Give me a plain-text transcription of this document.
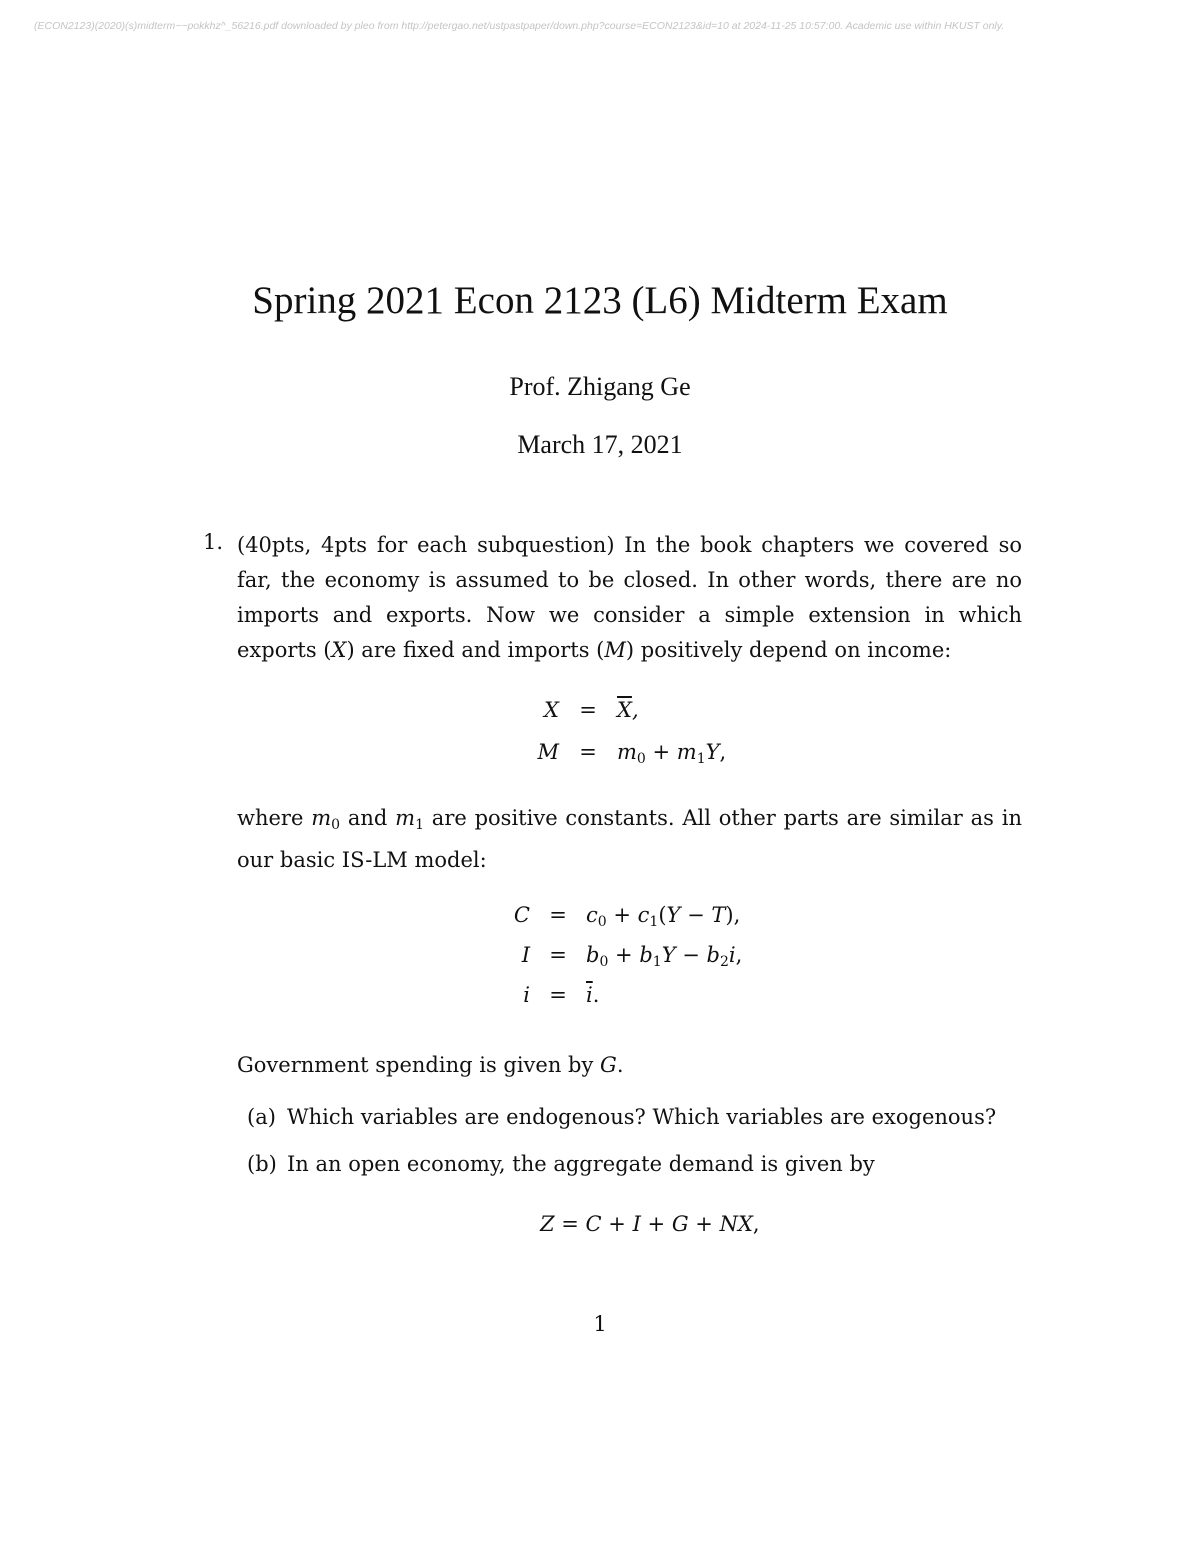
(ECON2123)(2020)(s)midterm~~pokkhz^_56216.pdf downloaded by pleo from http://petergao.net/ustpastpaper/down.php?course=ECON2123&id=10 at 2024-11-25 10:57:00. Academic use within HKUST only.
Spring 2021 Econ 2123 (L6) Midterm Exam
Prof. Zhigang Ge
March 17, 2021
1. (40pts, 4pts for each subquestion) In the book chapters we covered so far, the economy is assumed to be closed. In other words, there are no imports and exports. Now we consider a simple extension in which exports (X) are fixed and imports (M) positively depend on income:
$X = \overline{X}$,
$M = m_0 + m_1Y$,
where $m_0$ and $m_1$ are positive constants. All other parts are similar as in our basic IS-LM model:
$C = c_0 + c_1(Y - T)$,
$I = b_0 + b_1Y - b_2i$,
$i = \overline{i}$.
Government spending is given by G.
(a) Which variables are endogenous? Which variables are exogenous?
(b) In an open economy, the aggregate demand is given by
Z = C + I + G + NX,
1
